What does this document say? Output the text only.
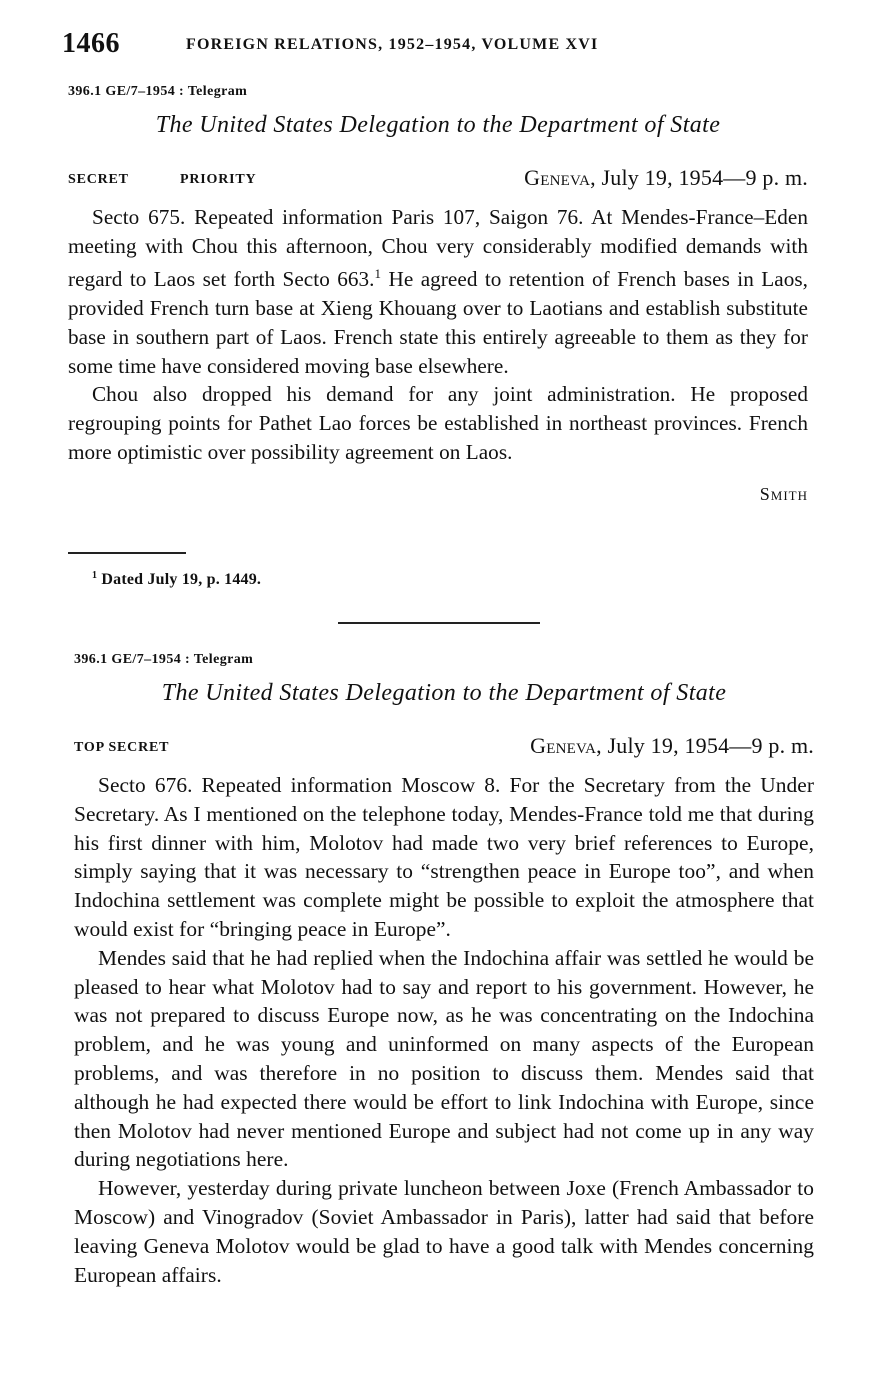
1466	FOREIGN RELATIONS, 1952–1954, VOLUME XVI
396.1 GE/7–1954 : Telegram
The United States Delegation to the Department of State
SECRET	PRIORITY	Geneva, July 19, 1954—9 p. m.

Secto 675. Repeated information Paris 107, Saigon 76. At Mendes-France–Eden meeting with Chou this afternoon, Chou very considerably modified demands with regard to Laos set forth Secto 663.$^1$ He agreed to retention of French bases in Laos, provided French turn base at Xieng Khouang over to Laotians and establish substitute base in southern part of Laos. French state this entirely agreeable to them as they for some time have considered moving base elsewhere.

Chou also dropped his demand for any joint administration. He proposed regrouping points for Pathet Lao forces be established in northeast provinces. French more optimistic over possibility agreement on Laos.

Smith
$^1$ Dated July 19, p. 1449.
396.1 GE/7–1954 : Telegram
The United States Delegation to the Department of State
TOP SECRET	Geneva, July 19, 1954—9 p. m.

Secto 676. Repeated information Moscow 8. For the Secretary from the Under Secretary. As I mentioned on the telephone today, Mendes-France told me that during his first dinner with him, Molotov had made two very brief references to Europe, simply saying that it was necessary to “strengthen peace in Europe too”, and when Indochina settlement was complete might be possible to exploit the atmosphere that would exist for “bringing peace in Europe”.

Mendes said that he had replied when the Indochina affair was settled he would be pleased to hear what Molotov had to say and report to his government. However, he was not prepared to discuss Europe now, as he was concentrating on the Indochina problem, and he was young and uninformed on many aspects of the European problems, and was therefore in no position to discuss them. Mendes said that although he had expected there would be effort to link Indochina with Europe, since then Molotov had never mentioned Europe and subject had not come up in any way during negotiations here.

However, yesterday during private luncheon between Joxe (French Ambassador to Moscow) and Vinogradov (Soviet Ambassador in Paris), latter had said that before leaving Geneva Molotov would be glad to have a good talk with Mendes concerning European affairs.
